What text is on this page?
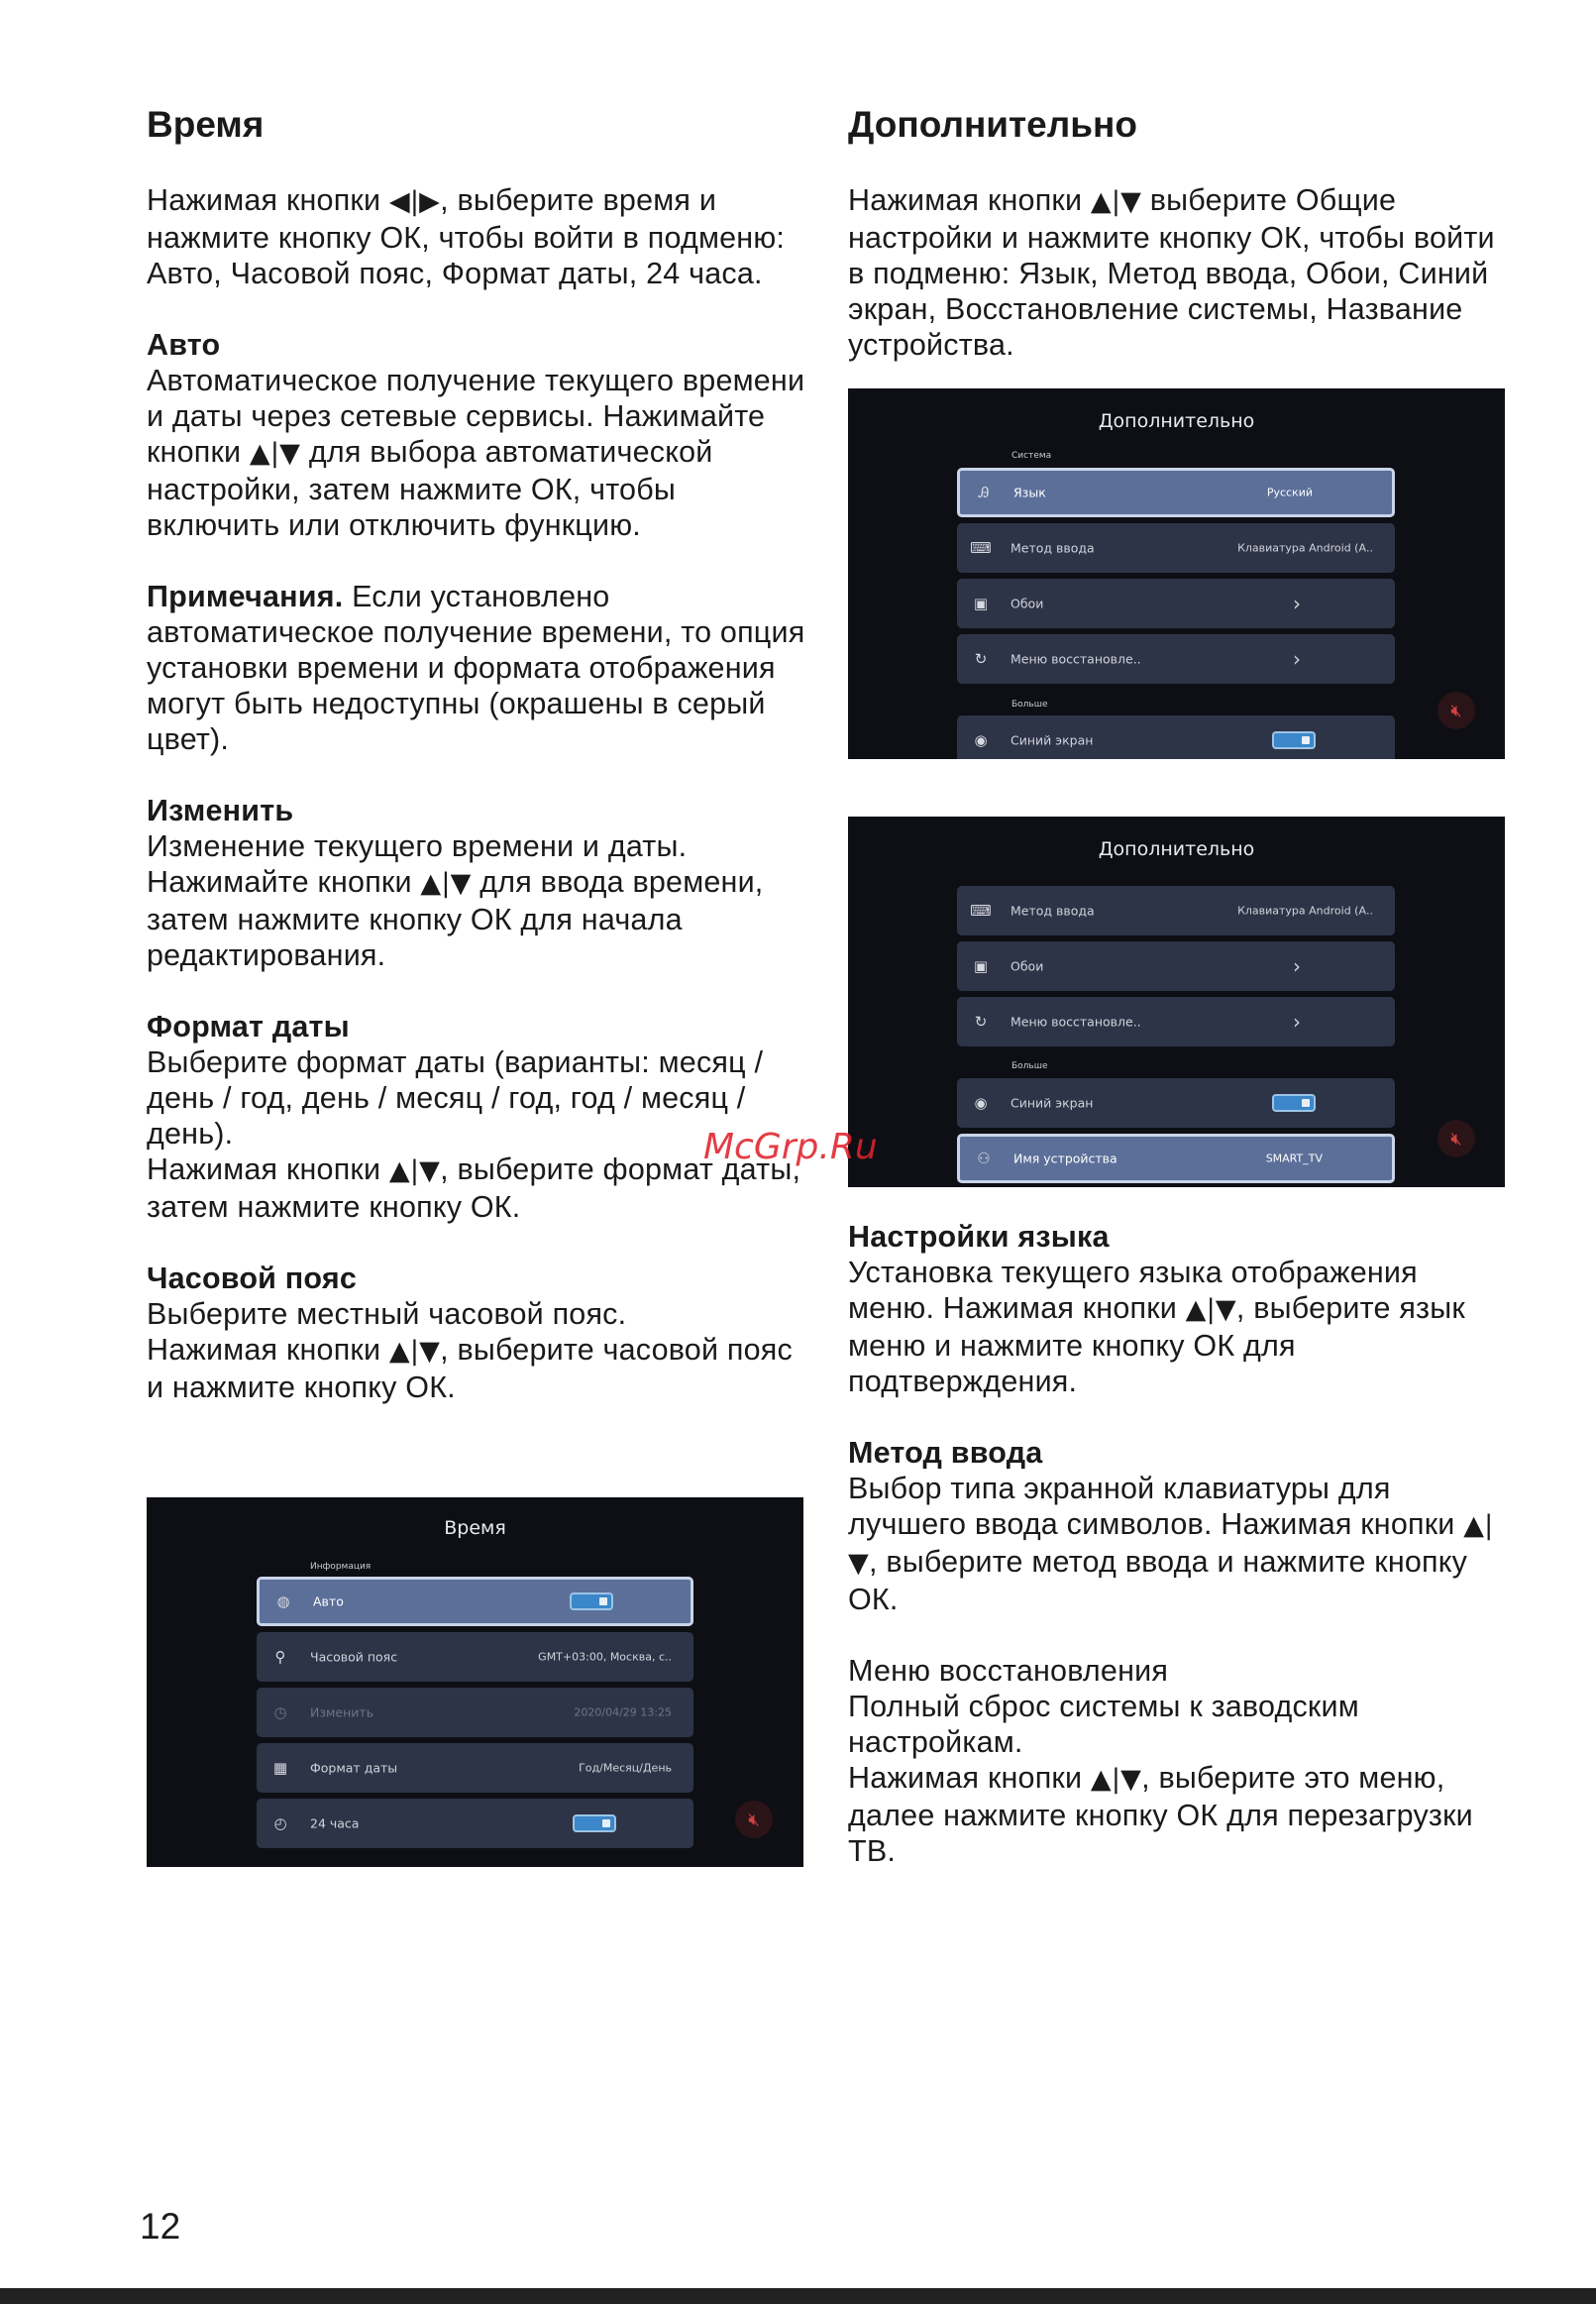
Время

Нажимая кнопки ◀|▶, выберите время и нажмите кнопку ОК, чтобы войти в подменю: Авто, Часовой пояс, Формат даты, 24 часа.

Авто
Автоматическое получение текущего времени и даты через сетевые сервисы. Нажимайте кнопки ▲|▼ для выбора автоматической настройки, затем нажмите ОК, чтобы включить или отключить функцию.

Примечания. Если установлено автоматическое получение времени, то опция установки времени и формата отображения могут быть недоступны (окрашены в серый цвет).

Изменить
Изменение текущего времени и даты. Нажимайте кнопки ▲|▼ для ввода времени, затем нажмите кнопку ОК для начала редактирования.

Формат даты
Выберите формат даты (варианты: месяц / день / год, день / месяц / год, год / месяц / день).
Нажимая кнопки ▲|▼, выберите формат даты, затем нажмите кнопку ОК.

Часовой пояс
Выберите местный часовой пояс.
Нажимая кнопки ▲|▼, выберите часовой пояс и нажмите кнопку ОК.

Дополнительно

Нажимая кнопки ▲|▼ выберите Общие настройки и нажмите кнопку ОК, чтобы войти в подменю: Язык, Метод ввода, Обои, Синий экран, Восстановление системы, Название устройства.

Настройки языка
Установка текущего языка отображения меню. Нажимая кнопки ▲|▼, выберите язык меню и нажмите кнопку ОК для подтверждения.

Метод ввода
Выбор типа экранной клавиатуры для лучшего ввода символов. Нажимая кнопки ▲|▼, выберите метод ввода и нажмите кнопку ОК.

Меню восстановления
Полный сброс системы к заводским настройкам.
Нажимая кнопки ▲|▼, выберите это меню, далее нажмите кнопку ОК для перезагрузки ТВ.

Время
Информация
◍ Авто
⚲	Часовой пояс	GMT+03:00, Москва, с..
◷ Изменить	2020/04/29 13:25
▦ Формат даты	Год/Месяц/День
◴ 24 часа	🔇︎
Дополнительно
Система
Ꭿ	Язык	Русский
⌨ Метод ввода	Клавиатура Android (А..
▣ Обои	›
↻ Меню восстановле..	›
Больше
◉ Синий экран
🔇︎
Дополнительно
⌨ Метод ввода	Клавиатура Android (А..
▣ Обои	›
↻ Меню восстановле..	›
Больше
◉ Синий экран
⚇ Имя устройства	SMART_TV
🔇︎
McGrp.Ru
12
